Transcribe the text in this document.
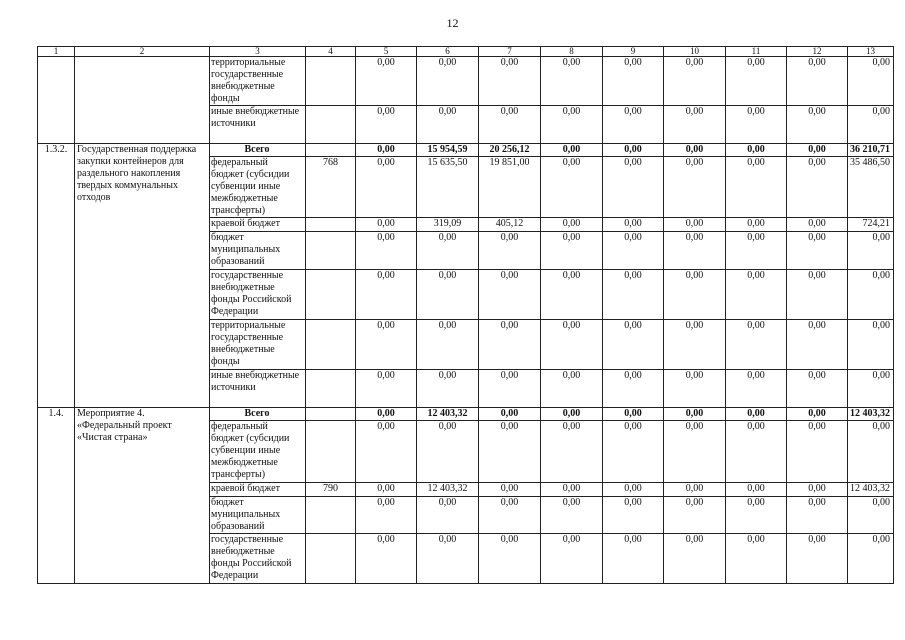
12
1	2	3	4	5	6	7	8	9	10	11	12	13
		территориальные государственные внебюджетные фонды		0,00	0,00	0,00	0,00	0,00	0,00	0,00	0,00	0,00
		иные внебюджетные источники		0,00	0,00	0,00	0,00	0,00	0,00	0,00	0,00	0,00
1.3.2.	Государственная поддержка закупки контейнеров для раздельного накопления твердых коммунальных отходов	Всего		0,00	15 954,59	20 256,12	0,00	0,00	0,00	0,00	0,00	36 210,71
		федеральный бюджет (субсидии субвенции иные межбюджетные трансферты)	768	0,00	15 635,50	19 851,00	0,00	0,00	0,00	0,00	0,00	35 486,50
		краевой бюджет		0,00	319,09	405,12	0,00	0,00	0,00	0,00	0,00	724,21
		бюджет муниципальных образований		0,00	0,00	0,00	0,00	0,00	0,00	0,00	0,00	0,00
		государственные внебюджетные фонды Российской Федерации		0,00	0,00	0,00	0,00	0,00	0,00	0,00	0,00	0,00
		территориальные государственные внебюджетные фонды		0,00	0,00	0,00	0,00	0,00	0,00	0,00	0,00	0,00
		иные внебюджетные источники		0,00	0,00	0,00	0,00	0,00	0,00	0,00	0,00	0,00
1.4.	Мероприятие 4. «Федеральный проект «Чистая страна»	Всего		0,00	12 403,32	0,00	0,00	0,00	0,00	0,00	0,00	12 403,32
		федеральный бюджет (субсидии субвенции иные межбюджетные трансферты)		0,00	0,00	0,00	0,00	0,00	0,00	0,00	0,00	0,00
		краевой бюджет	790	0,00	12 403,32	0,00	0,00	0,00	0,00	0,00	0,00	12 403,32
		бюджет муниципальных образований		0,00	0,00	0,00	0,00	0,00	0,00	0,00	0,00	0,00
		государственные внебюджетные фонды Российской Федерации		0,00	0,00	0,00	0,00	0,00	0,00	0,00	0,00	0,00
